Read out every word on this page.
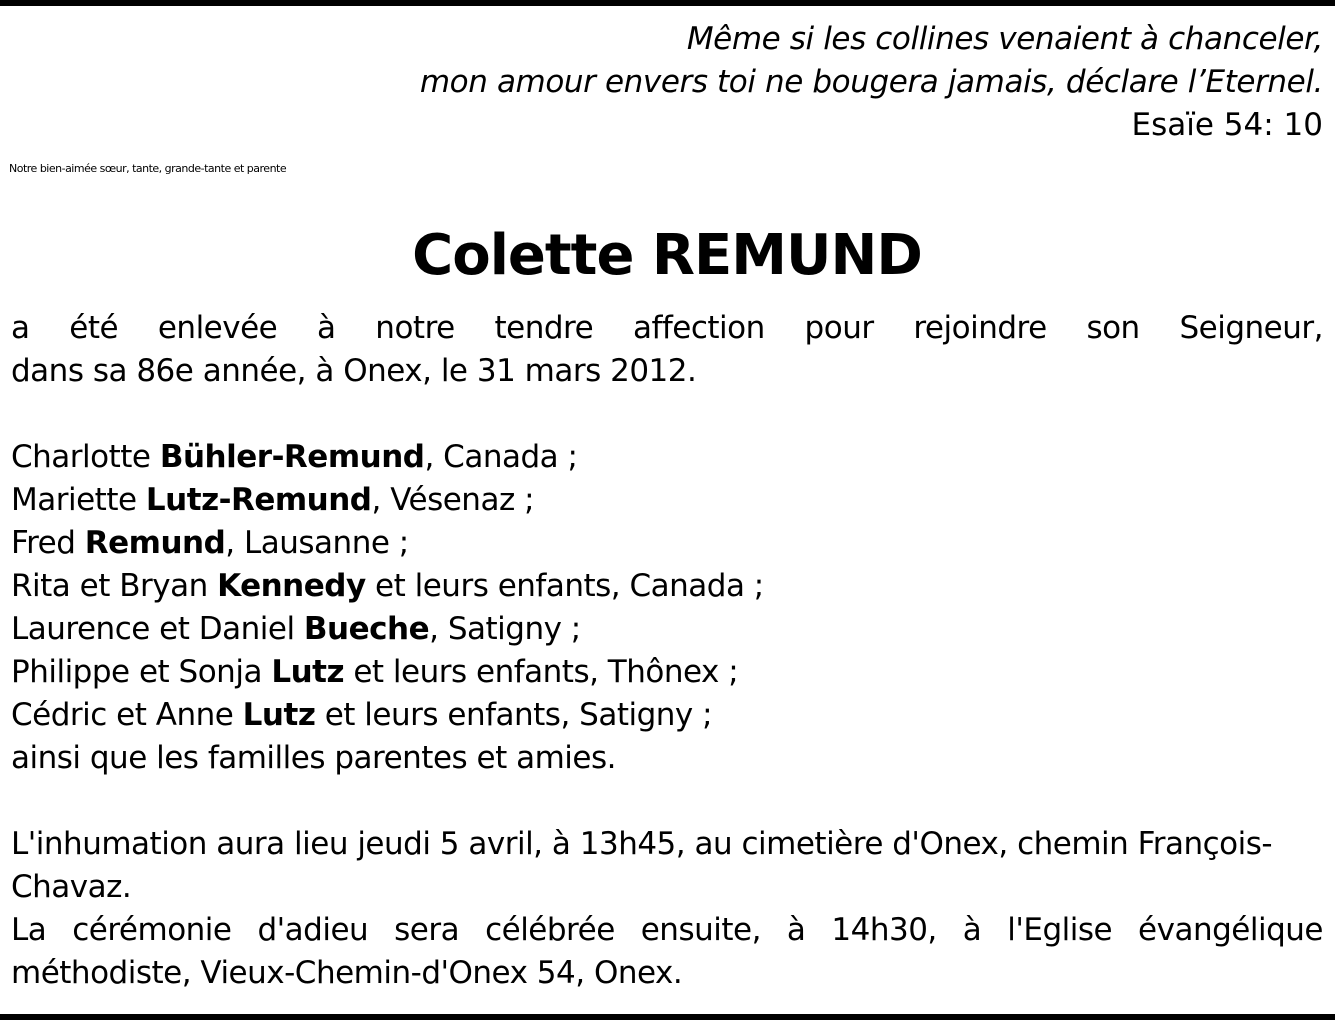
Même si les collines venaient à chanceler,
mon amour envers toi ne bougera jamais, déclare l’Eternel.
Esaïe 54: 10
Notre bien-aimée sœur, tante, grande-tante et parente
Colette REMUND
a été enlevée à notre tendre affection pour rejoindre son Seigneur,
dans sa 86e année, à Onex, le 31 mars 2012.
Charlotte Bühler-Remund, Canada ;
Mariette Lutz-Remund, Vésenaz ;
Fred Remund, Lausanne ;
Rita et Bryan Kennedy et leurs enfants, Canada ;
Laurence et Daniel Bueche, Satigny ;
Philippe et Sonja Lutz et leurs enfants, Thônex ;
Cédric et Anne Lutz et leurs enfants, Satigny ;
ainsi que les familles parentes et amies.
L'inhumation aura lieu jeudi 5 avril, à 13h45, au cimetière d'Onex, chemin François-
Chavaz.
La cérémonie d'adieu sera célébrée ensuite, à 14h30, à l'Eglise évangélique
méthodiste, Vieux-Chemin-d'Onex 54, Onex.
